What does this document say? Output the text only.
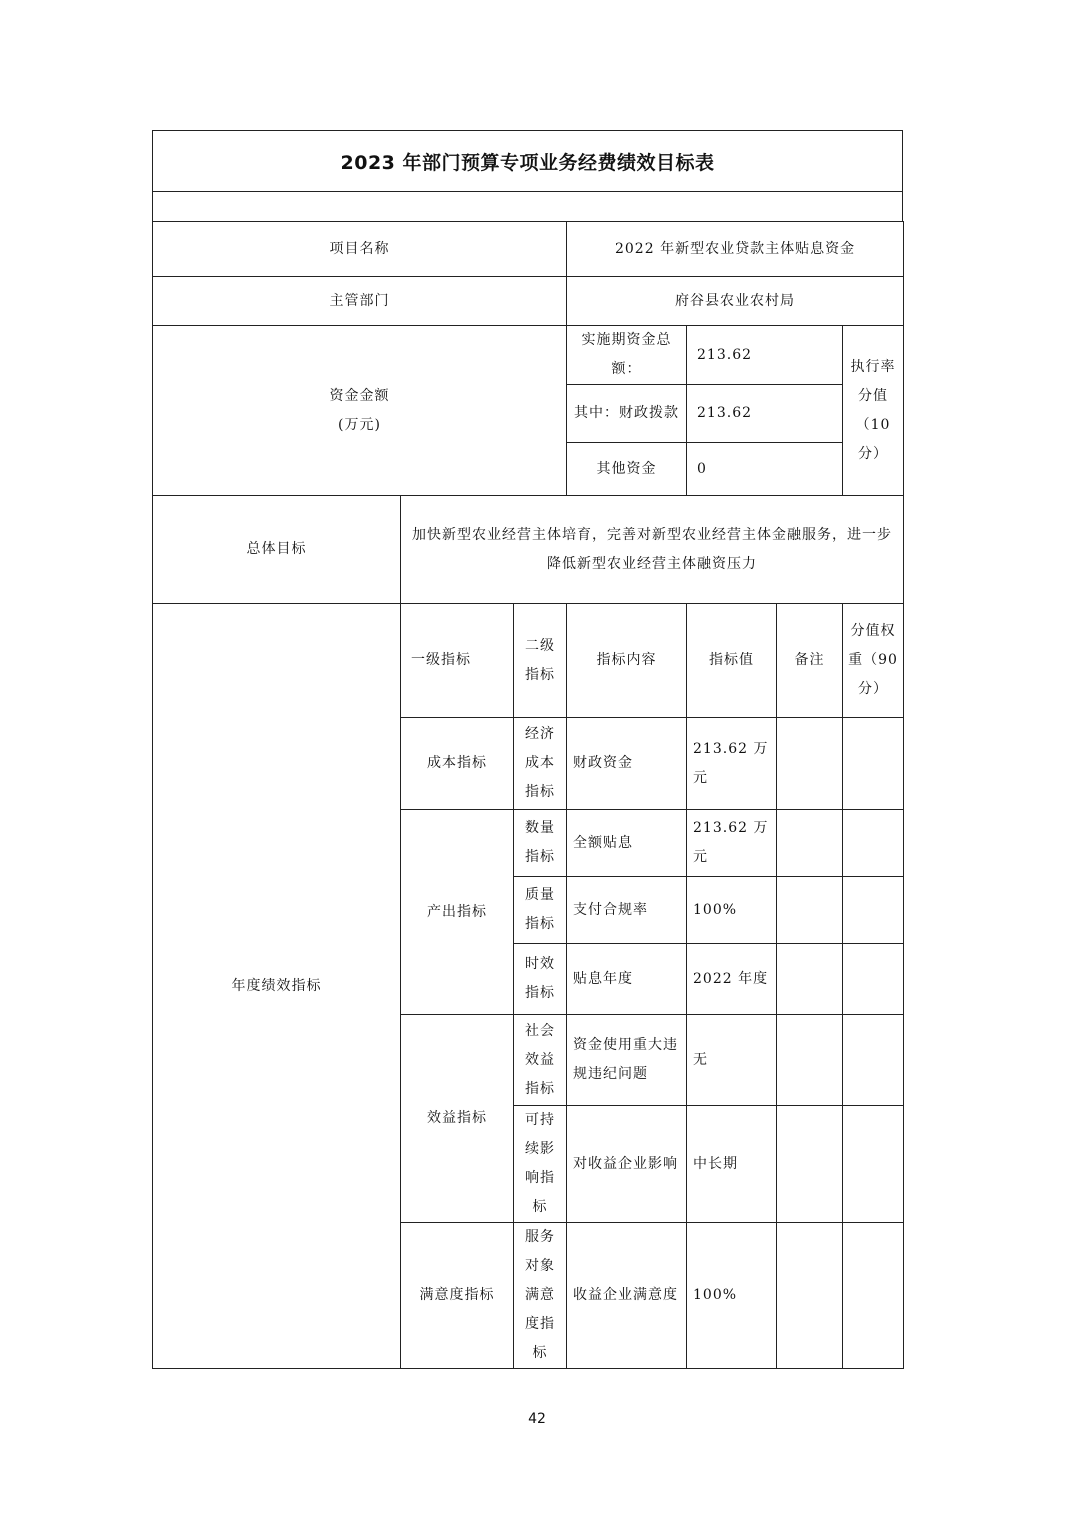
2023 年部门预算专项业务经费绩效目标表
项目名称			2022 年新型农业贷款主体贴息资金			
主管部门			府谷县农业农村局			

资金金额
(万元)			实施期资金总额：	213.62		执行率分值（10 分）
			其中：财政拨款	213.62		
			其他资金	0		
总体目标	加快新型农业经营主体培育，完善对新型农业经营主体金融服务，进一步降低新型农业经营主体融资压力					
年度绩效指标	一级指标	二级指标	指标内容	指标值	备注	分值权重（90 分）
	成本指标	经济成本指标	财政资金	213.62 万元		
	产出指标	数量指标	全额贴息	213.62 万元		
		质量指标	支付合规率	100%		
		时效指标	贴息年度	2022 年度		
	效益指标	社会效益指标	资金使用重大违规违纪问题	无		
		可持续影响指标	对收益企业影响	中长期		
	满意度指标	服务对象满意度指标	收益企业满意度	100%		
42
